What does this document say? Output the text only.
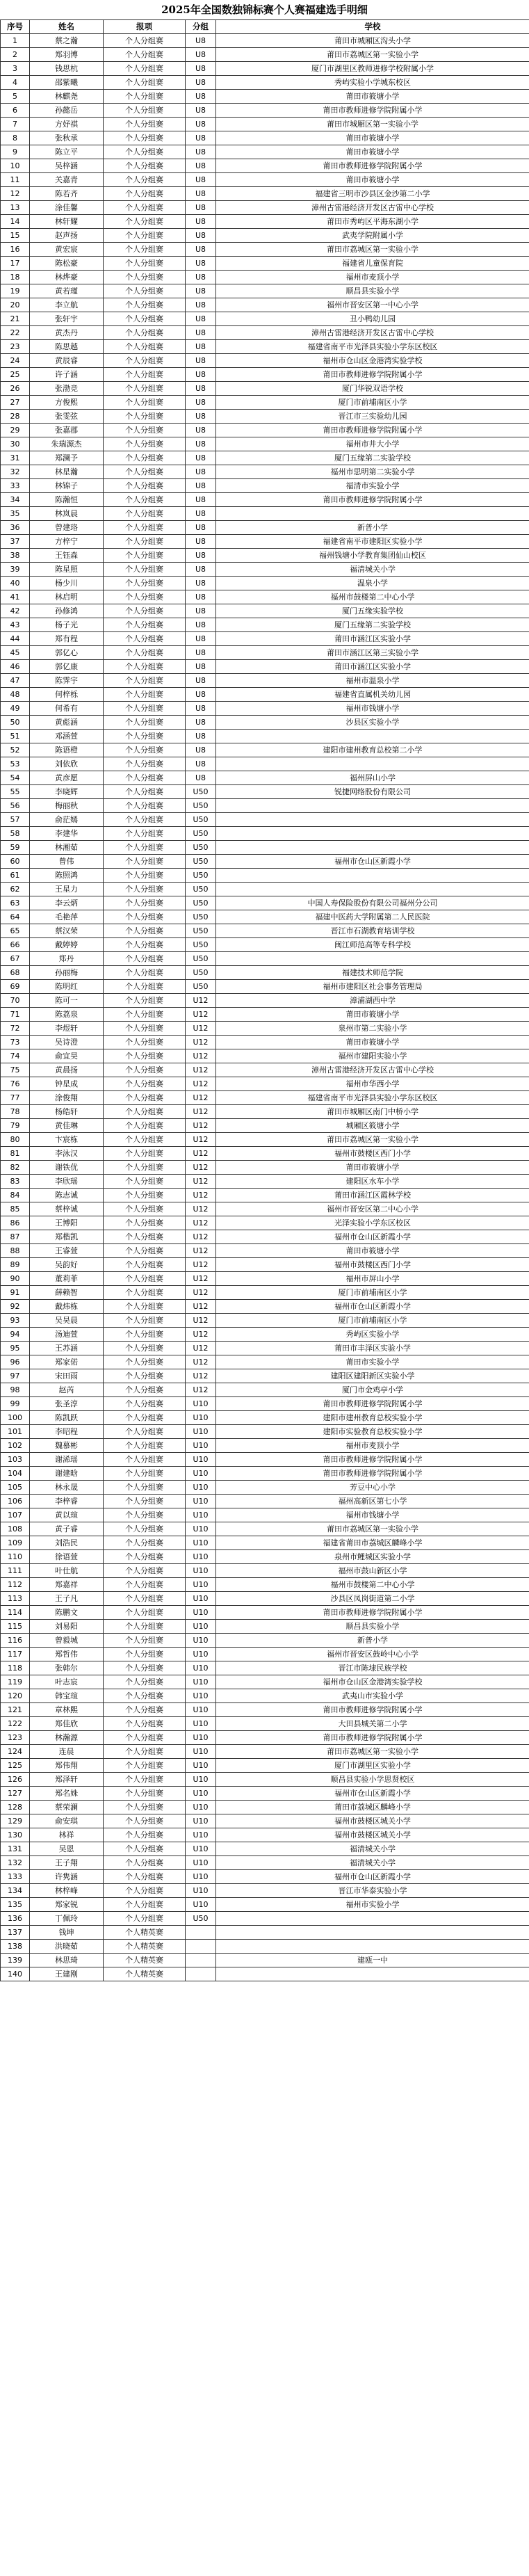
2025年全国数独锦标赛个人赛福建选手明细
序号	姓名	报项	分组	学校
1	蔡之瀚	个人分组赛	U8	莆田市城厢区沟头小学
2	郑羽博	个人分组赛	U8	莆田市荔城区第一实验小学
3	钱思杭	个人分组赛	U8	厦门市湖里区教师进修学校附属小学
4	邵紫曦	个人分组赛	U8	秀屿实验小学城东校区
5	林麒尧	个人分组赛	U8	莆田市筱塘小学
6	孙懿岳	个人分组赛	U8	莆田市教师进修学院附属小学
7	方妤祺	个人分组赛	U8	莆田市城厢区第一实验小学
8	张秋承	个人分组赛	U8	莆田市筱塘小学
9	陈立平	个人分组赛	U8	莆田市筱塘小学
10	吴梓涵	个人分组赛	U8	莆田市教师进修学院附属小学
11	关嘉青	个人分组赛	U8	莆田市筱塘小学
12	陈若齐	个人分组赛	U8	福建省三明市沙县区金沙第二小学
13	涂佳馨	个人分组赛	U8	漳州古雷港经济开发区古雷中心学校
14	林轩耀	个人分组赛	U8	莆田市秀屿区平海东湖小学
15	赵声扬	个人分组赛	U8	武夷学院附属小学
16	黄宏宸	个人分组赛	U8	莆田市荔城区第一实验小学
17	陈松豪	个人分组赛	U8	福建省儿童保育院
18	林烨豪	个人分组赛	U8	福州市麦顶小学
19	黄若瑾	个人分组赛	U8	顺昌县实验小学
20	李立航	个人分组赛	U8	福州市晋安区第一中心小学
21	张轩宇	个人分组赛	U8	丑小鸭幼儿园
22	黄杰丹	个人分组赛	U8	漳州古雷港经济开发区古雷中心学校
23	陈思越	个人分组赛	U8	福建省南平市光泽县实验小学东区校区
24	黄辰睿	个人分组赛	U8	福州市仓山区金港湾实验学校
25	许子涵	个人分组赛	U8	莆田市教师进修学院附属小学
26	张渤竞	个人分组赛	U8	厦门华锐双语学校
27	方俊熙	个人分组赛	U8	厦门市前埔南区小学
28	张雯弦	个人分组赛	U8	晋江市三实验幼儿园
29	张嘉郡	个人分组赛	U8	莆田市教师进修学院附属小学
30	朱瑞源杰	个人分组赛	U8	福州市井大小学
31	郑澜予	个人分组赛	U8	厦门五缘第二实验学校
32	林星瀚	个人分组赛	U8	福州市思明第二实验小学
33	林锦子	个人分组赛	U8	福清市实验小学
34	陈瀚恒	个人分组赛	U8	莆田市教师进修学院附属小学
35	林岚晨	个人分组赛	U8	
36	曾建珞	个人分组赛	U8	新普小学
37	方梓宁	个人分组赛	U8	福建省南平市建阳区实验小学
38	王钰森	个人分组赛	U8	福州钱塘小学教育集团仙山校区
39	陈星照	个人分组赛	U8	福清城关小学
40	杨少川	个人分组赛	U8	温泉小学
41	林启明	个人分组赛	U8	福州市鼓楼第二中心小学
42	孙修鸿	个人分组赛	U8	厦门五缘实验学校
43	杨子光	个人分组赛	U8	厦门五缘第二实验学校
44	郑有程	个人分组赛	U8	莆田市涵江区实验小学
45	郭亿心	个人分组赛	U8	莆田市涵江区第三实验小学
46	郭亿康	个人分组赛	U8	莆田市涵江区实验小学
47	陈霁宇	个人分组赛	U8	福州市温泉小学
48	何梓栎	个人分组赛	U8	福建省直属机关幼儿园
49	何希有	个人分组赛	U8	福州市钱塘小学
50	黄彪涵	个人分组赛	U8	沙县区实验小学
51	邓涵萱	个人分组赛	U8	
52	陈语橙	个人分组赛	U8	建阳市建州教育总校第二小学
53	刘依欣	个人分组赛	U8	
54	黄彦愿	个人分组赛	U8	福州屏山小学
55	李晓辉	个人分组赛	U50	锐捷网络股份有限公司
56	梅丽秋	个人分组赛	U50	
57	俞茫嫣	个人分组赛	U50	
58	李建华	个人分组赛	U50	
59	林湘茹	个人分组赛	U50	
60	曾伟	个人分组赛	U50	福州市仓山区新霞小学
61	陈照鸿	个人分组赛	U50	
62	王星力	个人分组赛	U50	
63	李云炳	个人分组赛	U50	中国人寿保险股份有限公司福州分公司
64	毛艳萍	个人分组赛	U50	福建中医药大学附属第二人民医院
65	蔡汉荣	个人分组赛	U50	晋江市石湖教育培训学校
66	戴婷婷	个人分组赛	U50	闽江师范高等专科学校
67	郑丹	个人分组赛	U50	
68	孙丽梅	个人分组赛	U50	福建技术师范学院
69	陈明红	个人分组赛	U50	福州市建阳区社会事务管理局
70	陈可一	个人分组赛	U12	漳浦湖西中学
71	陈荔泉	个人分组赛	U12	莆田市筱塘小学
72	李煜轩	个人分组赛	U12	泉州市第二实验小学
73	吴诗澄	个人分组赛	U12	莆田市筱塘小学
74	俞宜昊	个人分组赛	U12	福州市建阳实验小学
75	黄晨扬	个人分组赛	U12	漳州古雷港经济开发区古雷中心学校
76	钟星成	个人分组赛	U12	福州市华西小学
77	涂俊翔	个人分组赛	U12	福建省南平市光泽县实验小学东区校区
78	杨皓轩	个人分组赛	U12	莆田市城厢区南门中桥小学
79	黄佳琳	个人分组赛	U12	城厢区筱塘小学
80	卞宸栋	个人分组赛	U12	莆田市荔城区第一实验小学
81	李泳汉	个人分组赛	U12	福州市鼓楼区西门小学
82	谢铁优	个人分组赛	U12	莆田市筱塘小学
83	李欣瑶	个人分组赛	U12	建阳区水车小学
84	陈志诚	个人分组赛	U12	莆田市涵江区霞林学校
85	蔡梓诚	个人分组赛	U12	福州市晋安区第二中心小学
86	王博阳	个人分组赛	U12	光泽实验小学东区校区
87	郑楷凯	个人分组赛	U12	福州市仓山区新霞小学
88	王睿萱	个人分组赛	U12	莆田市筱塘小学
89	吴韵好	个人分组赛	U12	福州市鼓楼区西门小学
90	董莉菲	个人分组赛	U12	福州市屏山小学
91	薛赖智	个人分组赛	U12	厦门市前埔南区小学
92	戴炜栋	个人分组赛	U12	福州市仓山区新霞小学
93	吴昊晨	个人分组赛	U12	厦门市前埔南区小学
94	汤迪萱	个人分组赛	U12	秀屿区实验小学
95	王苏涵	个人分组赛	U12	莆田市丰泽区实验小学
96	郑家偌	个人分组赛	U12	莆田市实验小学
97	宋田雨	个人分组赛	U12	建阳区建阳新区实验小学
98	赵芮	个人分组赛	U12	厦门市金鸡亭小学
99	张圣淳	个人分组赛	U10	莆田市教师进修学院附属小学
100	陈凯跃	个人分组赛	U10	建阳市建州教育总校实验小学
101	李昭程	个人分组赛	U10	建阳市实验教育总校实验小学
102	魏慕彬	个人分组赛	U10	福州市麦顶小学
103	谢浠瑶	个人分组赛	U10	莆田市教师进修学院附属小学
104	谢建晗	个人分组赛	U10	莆田市教师进修学院附属小学
105	林永晟	个人分组赛	U10	芳豆中心小学
106	李梓睿	个人分组赛	U10	福州高新区第七小学
107	黄以瑄	个人分组赛	U10	福州市钱塘小学
108	黄子睿	个人分组赛	U10	莆田市荔城区第一实验小学
109	刘浩民	个人分组赛	U10	福建省莆田市荔城区麟峰小学
110	徐语萱	个人分组赛	U10	泉州市鲤城区实验小学
111	叶仕航	个人分组赛	U10	福州市鼓山新区小学
112	郑嘉祥	个人分组赛	U10	福州市鼓楼第二中心小学
113	王子凡	个人分组赛	U10	沙县区凤岗街道第二小学
114	陈鹏文	个人分组赛	U10	莆田市教师进修学院附属小学
115	刘易阳	个人分组赛	U10	顺昌县实验小学
116	曾毅城	个人分组赛	U10	新普小学
117	郑哲伟	个人分组赛	U10	福州市晋安区鼓岭中心小学
118	张韩尔	个人分组赛	U10	晋江市陈埭民族学校
119	叶志宸	个人分组赛	U10	福州市仓山区金港湾实验学校
120	韩宝瑄	个人分组赛	U10	武夷山市实验小学
121	章林熙	个人分组赛	U10	莆田市教师进修学院附属小学
122	郑佳欣	个人分组赛	U10	大田县城关第二小学
123	林瀚源	个人分组赛	U10	莆田市教师进修学院附属小学
124	连晨	个人分组赛	U10	莆田市荔城区第一实验小学
125	郑伟翔	个人分组赛	U10	厦门市湖里区实验小学
126	郑泽轩	个人分组赛	U10	顺昌县实验小学思贤校区
127	郑名姝	个人分组赛	U10	福州市仓山区新霞小学
128	蔡荣澜	个人分组赛	U10	莆田市荔城区麟峰小学
129	俞安琪	个人分组赛	U10	福州市鼓楼区城关小学
130	林祥	个人分组赛	U10	福州市鼓楼区城关小学
131	吴恩	个人分组赛	U10	福清城关小学
132	王子翔	个人分组赛	U10	福清城关小学
133	许隽涵	个人分组赛	U10	福州市仓山区新霞小学
134	林梓峰	个人分组赛	U10	晋江市华泰实验小学
135	郑家锐	个人分组赛	U10	福州市实验小学
136	丁佩玲	个人分组赛	U50	
137	钱坤	个人精英赛		
138	洪晓茹	个人精英赛		
139	林思琦	个人精英赛		建瓯一中
140	王建刚	个人精英赛		
